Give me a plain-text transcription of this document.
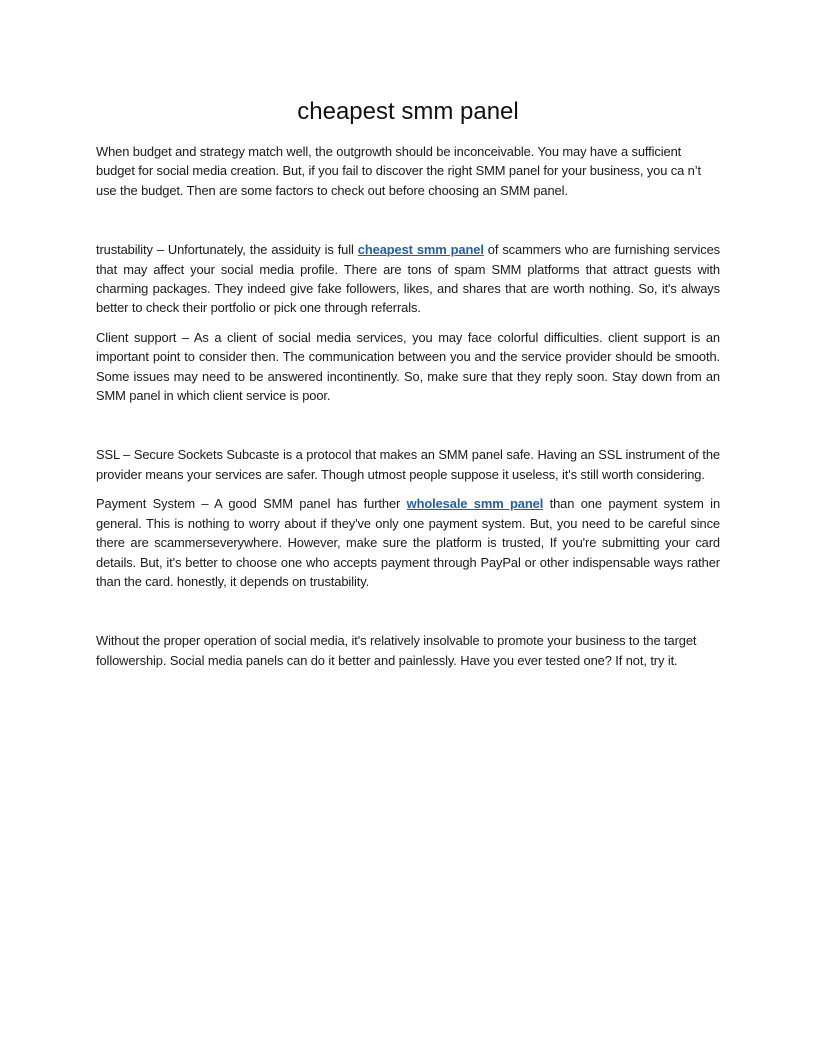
cheapest smm panel

When budget and strategy match well, the outgrowth should be inconceivable. You may have a sufficient budget for social media creation. But, if you fail to discover the right SMM panel for your business, you ca n’t use the budget. Then are some factors to check out before choosing an SMM panel.

trustability – Unfortunately, the assiduity is full cheapest smm panel of scammers who are furnishing services that may affect your social media profile. There are tons of spam SMM platforms that attract guests with charming packages. They indeed give fake followers, likes, and shares that are worth nothing. So, it's always better to check their portfolio or pick one through referrals.

Client support – As a client of social media services, you may face colorful difficulties. client support is an important point to consider then. The communication between you and the service provider should be smooth. Some issues may need to be answered incontinently. So, make sure that they reply soon. Stay down from an SMM panel in which client service is poor.

SSL – Secure Sockets Subcaste is a protocol that makes an SMM panel safe. Having an SSL instrument of the provider means your services are safer. Though utmost people suppose it useless, it's still worth considering.

Payment System – A good SMM panel has further wholesale smm panel than one payment system in general. This is nothing to worry about if they've only one payment system. But, you need to be careful since there are scammerseverywhere. However, make sure the platform is trusted, If you're submitting your card details. But, it's better to choose one who accepts payment through PayPal or other indispensable ways rather than the card. honestly, it depends on trustability.

Without the proper operation of social media, it's relatively insolvable to promote your business to the target followership. Social media panels can do it better and painlessly. Have you ever tested one? If not, try it.
